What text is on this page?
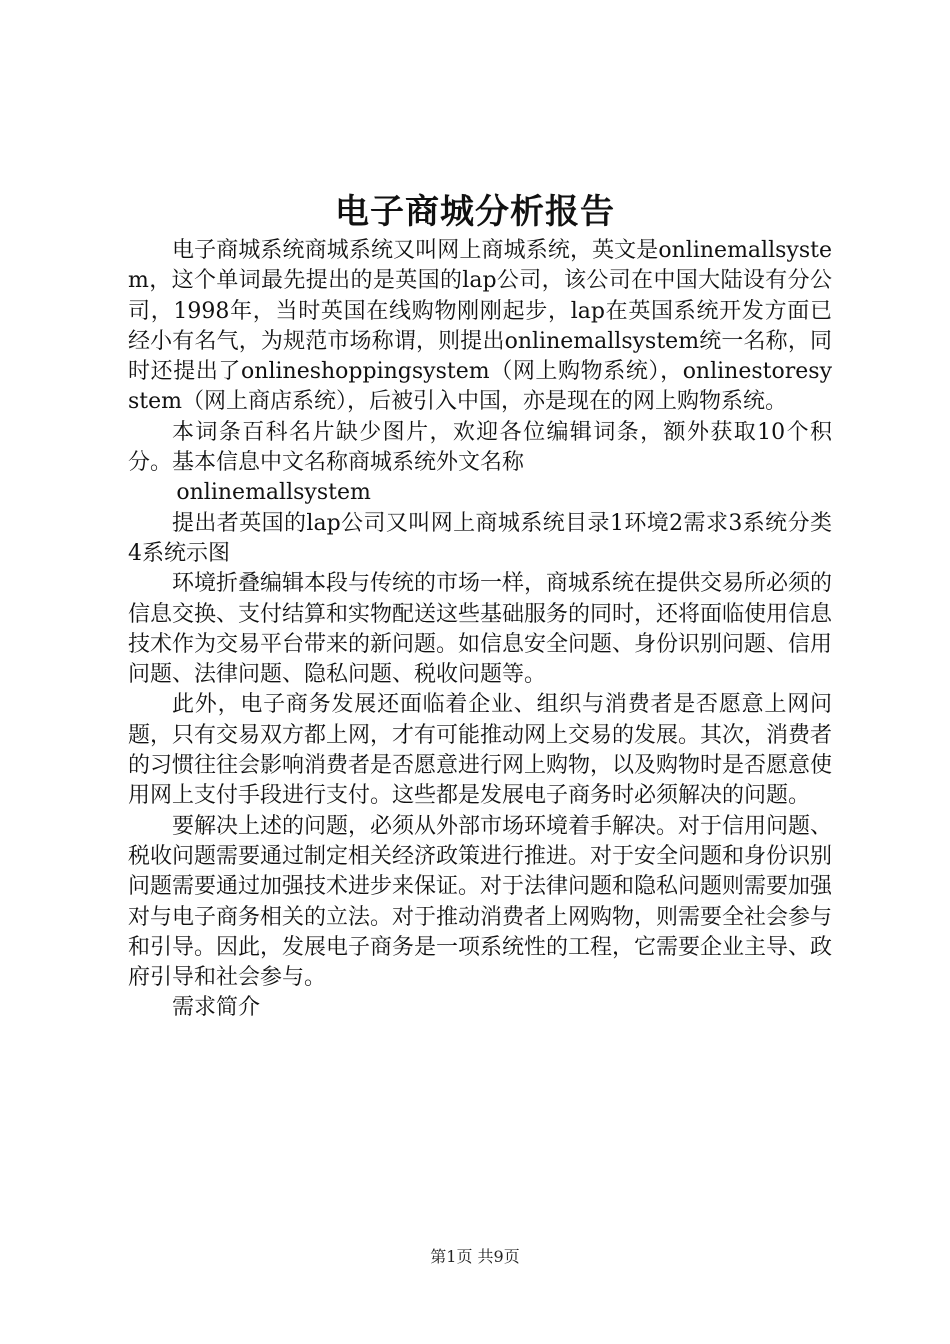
电子商城分析报告

电子商城系统商城系统又叫网上商城系统，英文是onlinemallsystem，这个单词最先提出的是英国的lap公司，该公司在中国大陆设有分公司，1998年，当时英国在线购物刚刚起步，lap在英国系统开发方面已经小有名气，为规范市场称谓，则提出onlinemallsystem统一名称，同时还提出了onlineshoppingsystem（网上购物系统），onlinestoresystem（网上商店系统），后被引入中国，亦是现在的网上购物系统。

本词条百科名片缺少图片，欢迎各位编辑词条，额外获取10个积分。基本信息中文名称商城系统外文名称

onlinemallsystem

提出者英国的lap公司又叫网上商城系统目录1环境2需求3系统分类4系统示图

环境折叠编辑本段与传统的市场一样，商城系统在提供交易所必须的信息交换、支付结算和实物配送这些基础服务的同时，还将面临使用信息技术作为交易平台带来的新问题。如信息安全问题、身份识别问题、信用问题、法律问题、隐私问题、税收问题等。

此外，电子商务发展还面临着企业、组织与消费者是否愿意上网问题，只有交易双方都上网，才有可能推动网上交易的发展。其次，消费者的习惯往往会影响消费者是否愿意进行网上购物，以及购物时是否愿意使用网上支付手段进行支付。这些都是发展电子商务时必须解决的问题。

要解决上述的问题，必须从外部市场环境着手解决。对于信用问题、税收问题需要通过制定相关经济政策进行推进。对于安全问题和身份识别问题需要通过加强技术进步来保证。对于法律问题和隐私问题则需要加强对与电子商务相关的立法。对于推动消费者上网购物，则需要全社会参与和引导。因此，发展电子商务是一项系统性的工程，它需要企业主导、政府引导和社会参与。

需求简介

第1页 共9页
